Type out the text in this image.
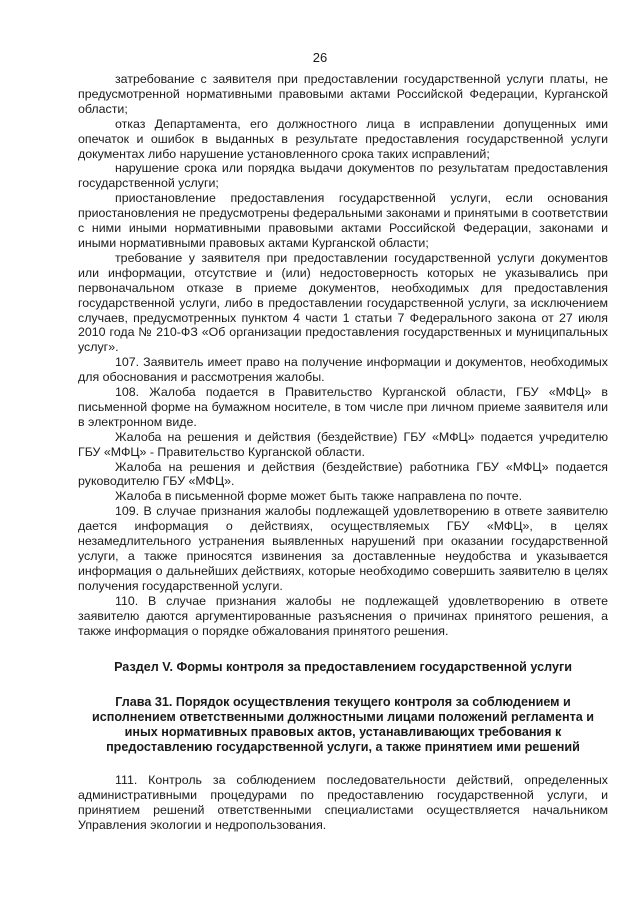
26

затребование с заявителя при предоставлении государственной услуги платы, не предусмотренной нормативными правовыми актами Российской Федерации, Курганской области;

отказ Департамента, его должностного лица в исправлении допущенных ими опечаток и ошибок в выданных в результате предоставления государственной услуги документах либо нарушение установленного срока таких исправлений;

нарушение срока или порядка выдачи документов по результатам предоставления государственной услуги;

приостановление предоставления государственной услуги, если основания приостановления не предусмотрены федеральными законами и принятыми в соответствии с ними иными нормативными правовыми актами Российской Федерации, законами и иными нормативными правовых актами Курганской области;

требование у заявителя при предоставлении государственной услуги документов или информации, отсутствие и (или) недостоверность которых не указывались при первоначальном отказе в приеме документов, необходимых для предоставления государственной услуги, либо в предоставлении государственной услуги, за исключением случаев, предусмотренных пунктом 4 части 1 статьи 7 Федерального закона от 27 июля 2010 года № 210-ФЗ «Об организации предоставления государственных и муниципальных услуг».

107. Заявитель имеет право на получение информации и документов, необходимых для обоснования и рассмотрения жалобы.

108. Жалоба подается в Правительство Курганской области, ГБУ «МФЦ» в письменной форме на бумажном носителе, в том числе при личном приеме заявителя или в электронном виде.

Жалоба на решения и действия (бездействие) ГБУ «МФЦ» подается учредителю ГБУ «МФЦ» - Правительство Курганской области.

Жалоба на решения и действия (бездействие) работника ГБУ «МФЦ» подается руководителю ГБУ «МФЦ».

Жалоба в письменной форме может быть также направлена по почте.

109. В случае признания жалобы подлежащей удовлетворению в ответе заявителю дается информация о действиях, осуществляемых ГБУ «МФЦ», в целях незамедлительного устранения выявленных нарушений при оказании государственной услуги, а также приносятся извинения за доставленные неудобства и указывается информация о дальнейших действиях, которые необходимо совершить заявителю в целях получения государственной услуги.

110. В случае признания жалобы не подлежащей удовлетворению в ответе заявителю даются аргументированные разъяснения о причинах принятого решения, а также информация о порядке обжалования принятого решения.

Раздел V. Формы контроля за предоставлением государственной услуги

Глава 31. Порядок осуществления текущего контроля за соблюдением и исполнением ответственными должностными лицами положений регламента и иных нормативных правовых актов, устанавливающих требования к предоставлению государственной услуги, а также принятием ими решений

111. Контроль за соблюдением последовательности действий, определенных административными процедурами по предоставлению государственной услуги, и принятием решений ответственными специалистами осуществляется начальником Управления экологии и недропользования.
